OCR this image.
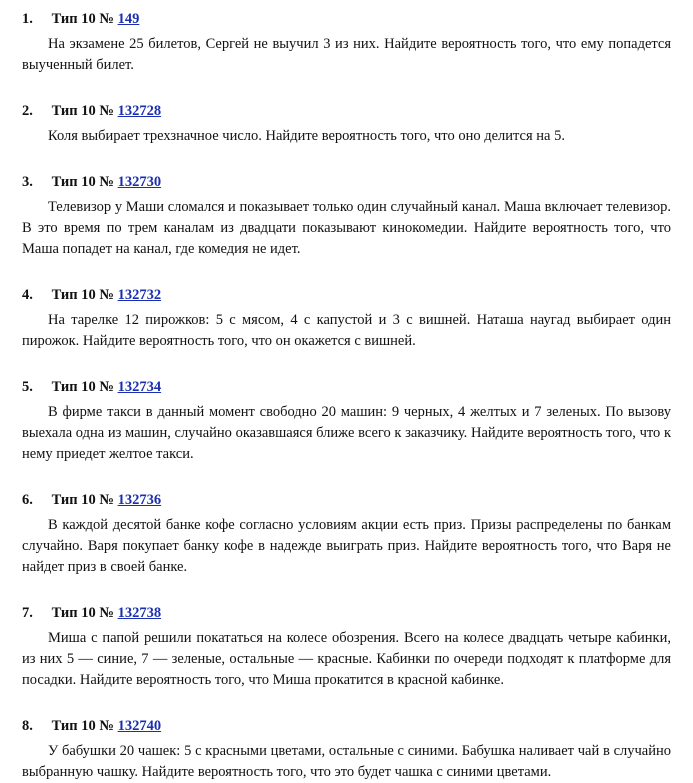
1. Тип 10 № 149

На экзамене 25 билетов, Сергей не выучил 3 из них. Найдите вероятность того, что ему попадется выученный билет.

2. Тип 10 № 132728

Коля выбирает трехзначное число. Найдите вероятность того, что оно делится на 5.

3. Тип 10 № 132730

Телевизор у Маши сломался и показывает только один случайный канал. Маша включает телевизор. В это время по трем каналам из двадцати показывают кинокомедии. Найдите вероятность того, что Маша попадет на канал, где комедия не идет.

4. Тип 10 № 132732

На тарелке 12 пирожков: 5 с мясом, 4 с капустой и 3 с вишней. Наташа наугад выбирает один пирожок. Найдите вероятность того, что он окажется с вишней.

5. Тип 10 № 132734

В фирме такси в данный момент свободно 20 машин: 9 черных, 4 желтых и 7 зеленых. По вызову выехала одна из машин, случайно оказавшаяся ближе всего к заказчику. Найдите вероятность того, что к нему приедет желтое такси.

6. Тип 10 № 132736

В каждой десятой банке кофе согласно условиям акции есть приз. Призы распределены по банкам случайно. Варя покупает банку кофе в надежде выиграть приз. Найдите вероятность того, что Варя не найдет приз в своей банке.

7. Тип 10 № 132738

Миша с папой решили покататься на колесе обозрения. Всего на колесе двадцать четыре кабинки, из них 5 — синие, 7 — зеленые, остальные — красные. Кабинки по очереди подходят к платформе для посадки. Найдите вероятность того, что Миша прокатится в красной кабинке.

8. Тип 10 № 132740

У бабушки 20 чашек: 5 с красными цветами, остальные с синими. Бабушка наливает чай в случайно выбранную чашку. Найдите вероятность того, что это будет чашка с синими цветами.
